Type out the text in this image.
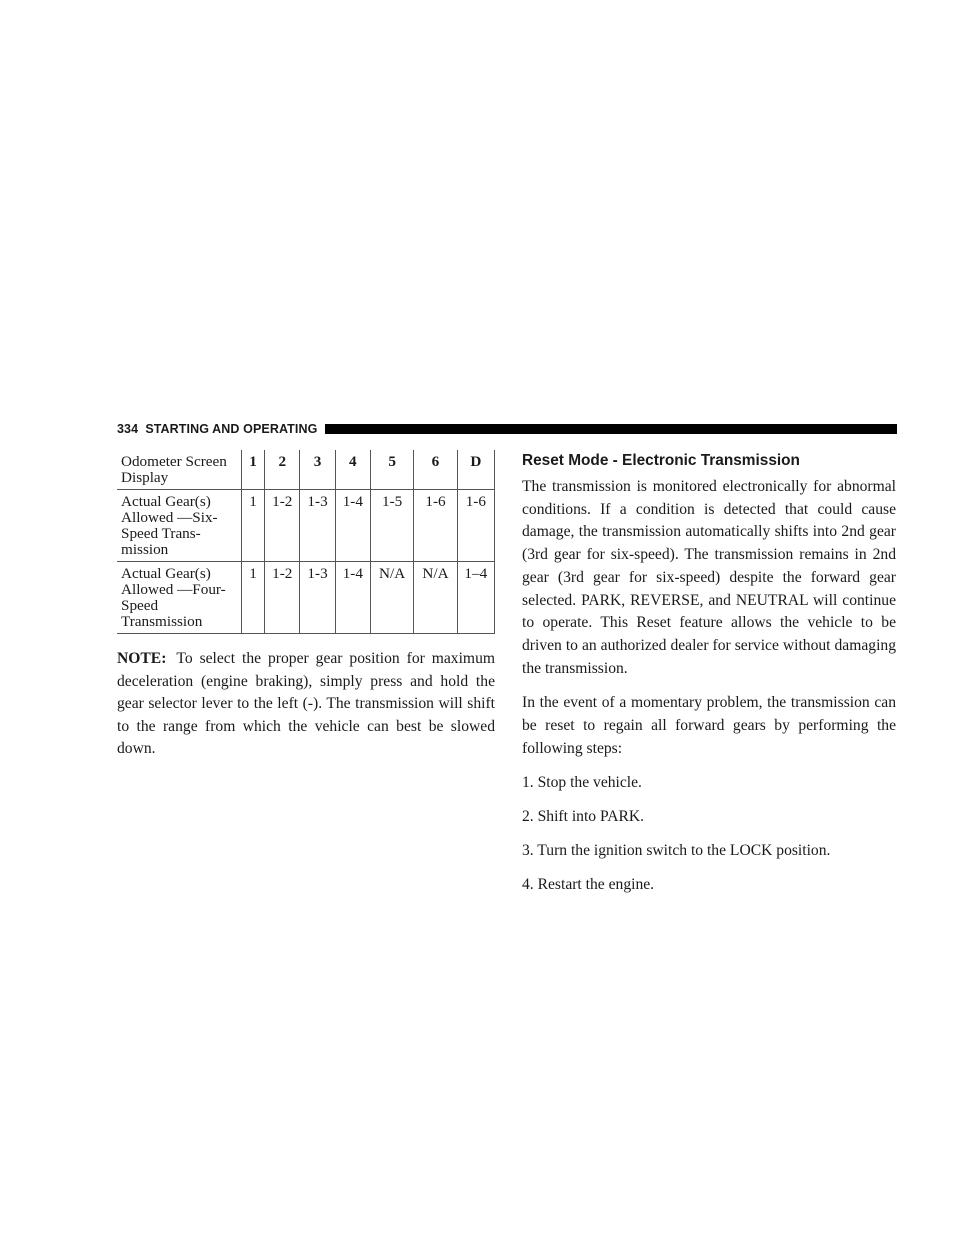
334 STARTING AND OPERATING
Odometer Screen Display	1	2	3	4	5	6	D
Actual Gear(s) Allowed —Six-Speed Trans-mission	1	1-2	1-3	1-4	1-5	1-6	1-6
Actual Gear(s) Allowed —Four-Speed Transmission	1	1-2	1-3	1-4	N/A	N/A	1–4

NOTE: To select the proper gear position for maximum deceleration (engine braking), simply press and hold the gear selector lever to the left (-). The transmission will shift to the range from which the vehicle can best be slowed down.

Reset Mode - Electronic Transmission

The transmission is monitored electronically for abnormal conditions. If a condition is detected that could cause damage, the transmission automatically shifts into 2nd gear (3rd gear for six-speed). The transmission remains in 2nd gear (3rd gear for six-speed) despite the forward gear selected. PARK, REVERSE, and NEUTRAL will continue to operate. This Reset feature allows the vehicle to be driven to an authorized dealer for service without damaging the transmission.

In the event of a momentary problem, the transmission can be reset to regain all forward gears by performing the following steps:

1. Stop the vehicle.

2. Shift into PARK.

3. Turn the ignition switch to the LOCK position.

4. Restart the engine.
